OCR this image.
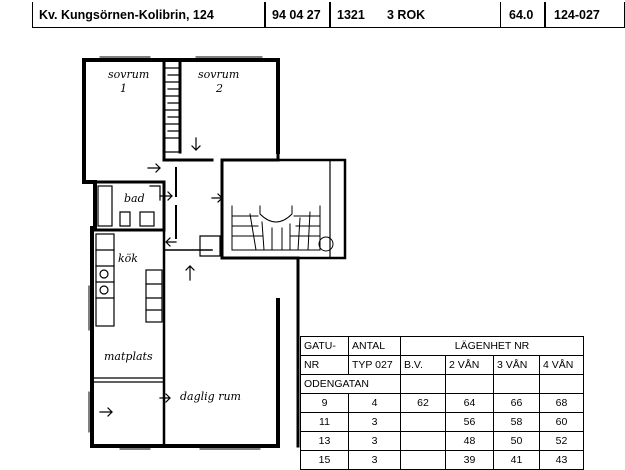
Kv. Kungsörnen-Kolibrin, 124	94 04 27	1321	3 ROK	64.0	124-027
sovrum
1
sovrum
2
bad
kök
matplats
daglig rum
GATU-	ANTAL	LÄGENHET NR			
NR	TYP 027	B.V.	2 VÅN	3 VÅN	4 VÅN
ODENGATAN					
9	4	62	64	66	68
11	3		56	58	60
13	3		48	50	52
15	3		39	41	43
